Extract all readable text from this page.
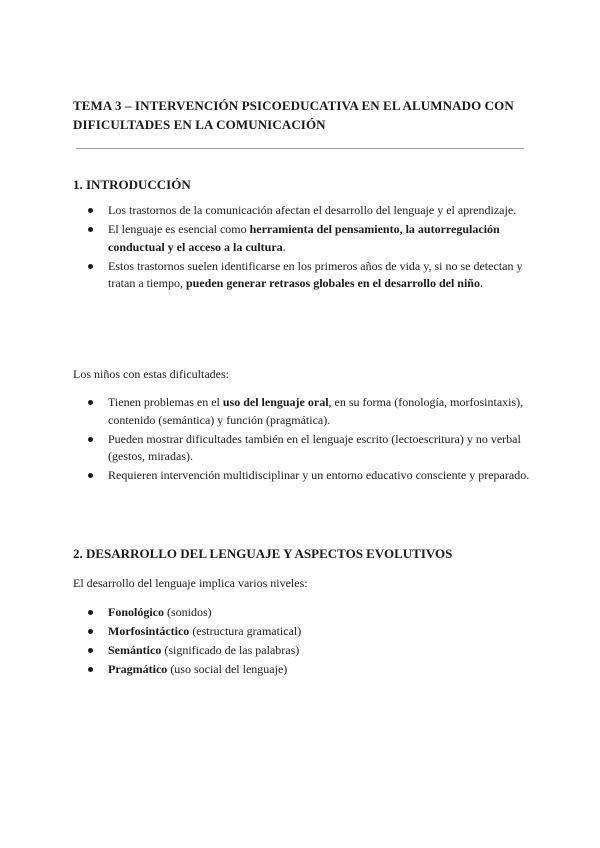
TEMA 3 – INTERVENCIÓN PSICOEDUCATIVA EN EL ALUMNADO CON DIFICULTADES EN LA COMUNICACIÓN
1. INTRODUCCIÓN
Los trastornos de la comunicación afectan el desarrollo del lenguaje y el aprendizaje.
El lenguaje es esencial como herramienta del pensamiento, la autorregulación conductual y el acceso a la cultura.
Estos trastornos suelen identificarse en los primeros años de vida y, si no se detectan y tratan a tiempo, pueden generar retrasos globales en el desarrollo del niño.

Los niños con estas dificultades:

Tienen problemas en el uso del lenguaje oral, en su forma (fonología, morfosintaxis), contenido (semántica) y función (pragmática).
Pueden mostrar dificultades también en el lenguaje escrito (lectoescritura) y no verbal (gestos, miradas).
Requieren intervención multidisciplinar y un entorno educativo consciente y preparado.
2. DESARROLLO DEL LENGUAJE Y ASPECTOS EVOLUTIVOS

El desarrollo del lenguaje implica varios niveles:

Fonológico (sonidos)
Morfosintáctico (estructura gramatical)
Semántico (significado de las palabras)
Pragmático (uso social del lenguaje)
